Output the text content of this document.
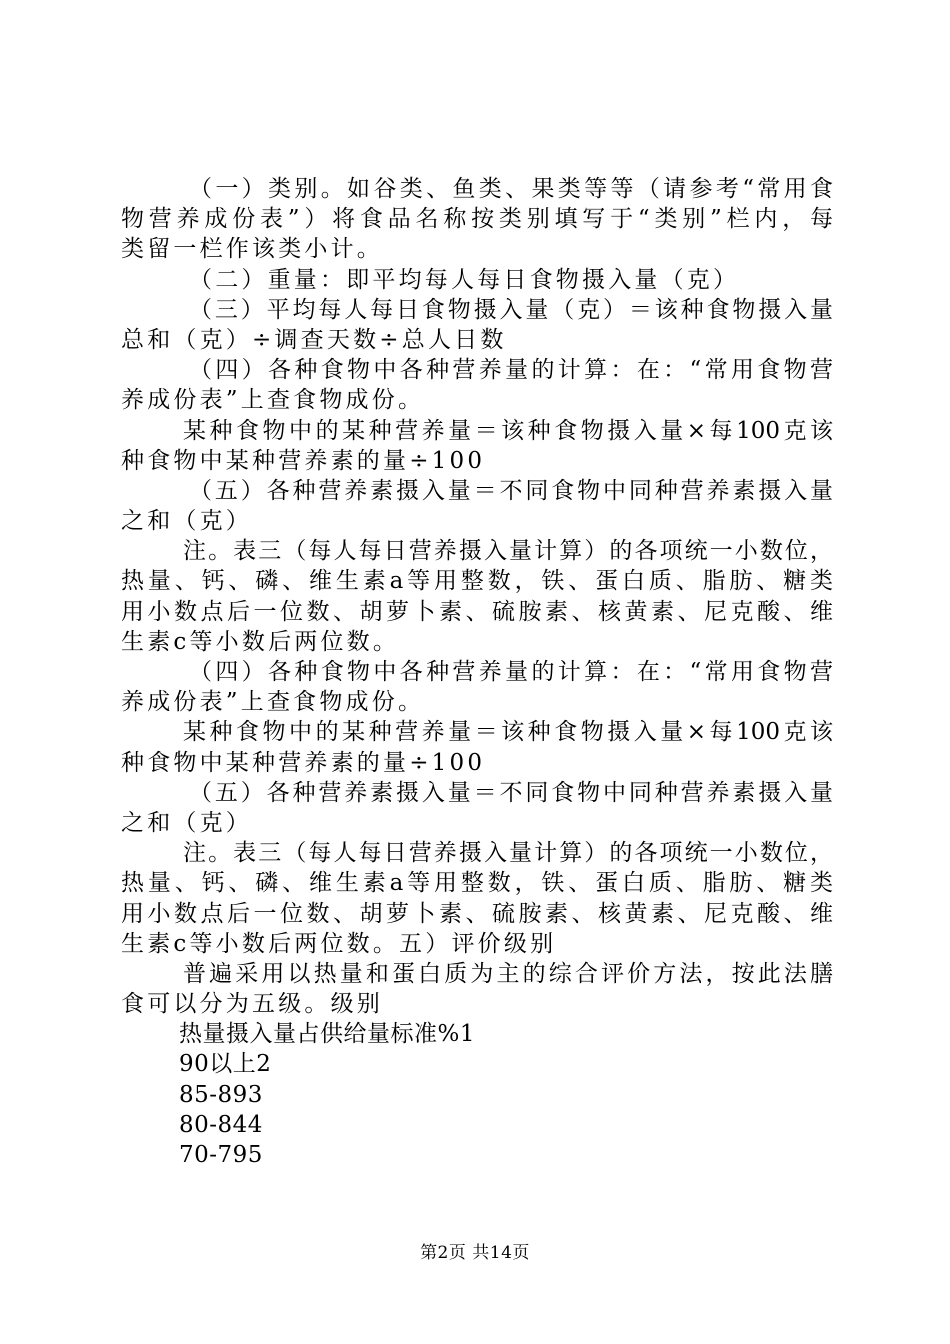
（一）类别。如谷类、鱼类、果类等等（请参考“常用食
物营养成份表”）将食品名称按类别填写于“类别”栏内，每
类留一栏作该类小计。
（二）重量：即平均每人每日食物摄入量（克）
（三）平均每人每日食物摄入量（克）＝该种食物摄入量
总和（克）÷调查天数÷总人日数
（四）各种食物中各种营养量的计算：在：“常用食物营
养成份表”上查食物成份。
某种食物中的某种营养量＝该种食物摄入量×每100克该
种食物中某种营养素的量÷100
（五）各种营养素摄入量＝不同食物中同种营养素摄入量
之和（克）
注。表三（每人每日营养摄入量计算）的各项统一小数位，
热量、钙、磷、维生素a等用整数，铁、蛋白质、脂肪、糖类
用小数点后一位数、胡萝卜素、硫胺素、核黄素、尼克酸、维
生素c等小数后两位数。
（四）各种食物中各种营养量的计算：在：“常用食物营
养成份表”上查食物成份。
某种食物中的某种营养量＝该种食物摄入量×每100克该
种食物中某种营养素的量÷100
（五）各种营养素摄入量＝不同食物中同种营养素摄入量
之和（克）
注。表三（每人每日营养摄入量计算）的各项统一小数位，
热量、钙、磷、维生素a等用整数，铁、蛋白质、脂肪、糖类
用小数点后一位数、胡萝卜素、硫胺素、核黄素、尼克酸、维
生素c等小数后两位数。五）评价级别
普遍采用以热量和蛋白质为主的综合评价方法，按此法膳
食可以分为五级。级别
热量摄入量占供给量标准%1
90以上2
85-893
80-844
70-795
第2页 共14页
